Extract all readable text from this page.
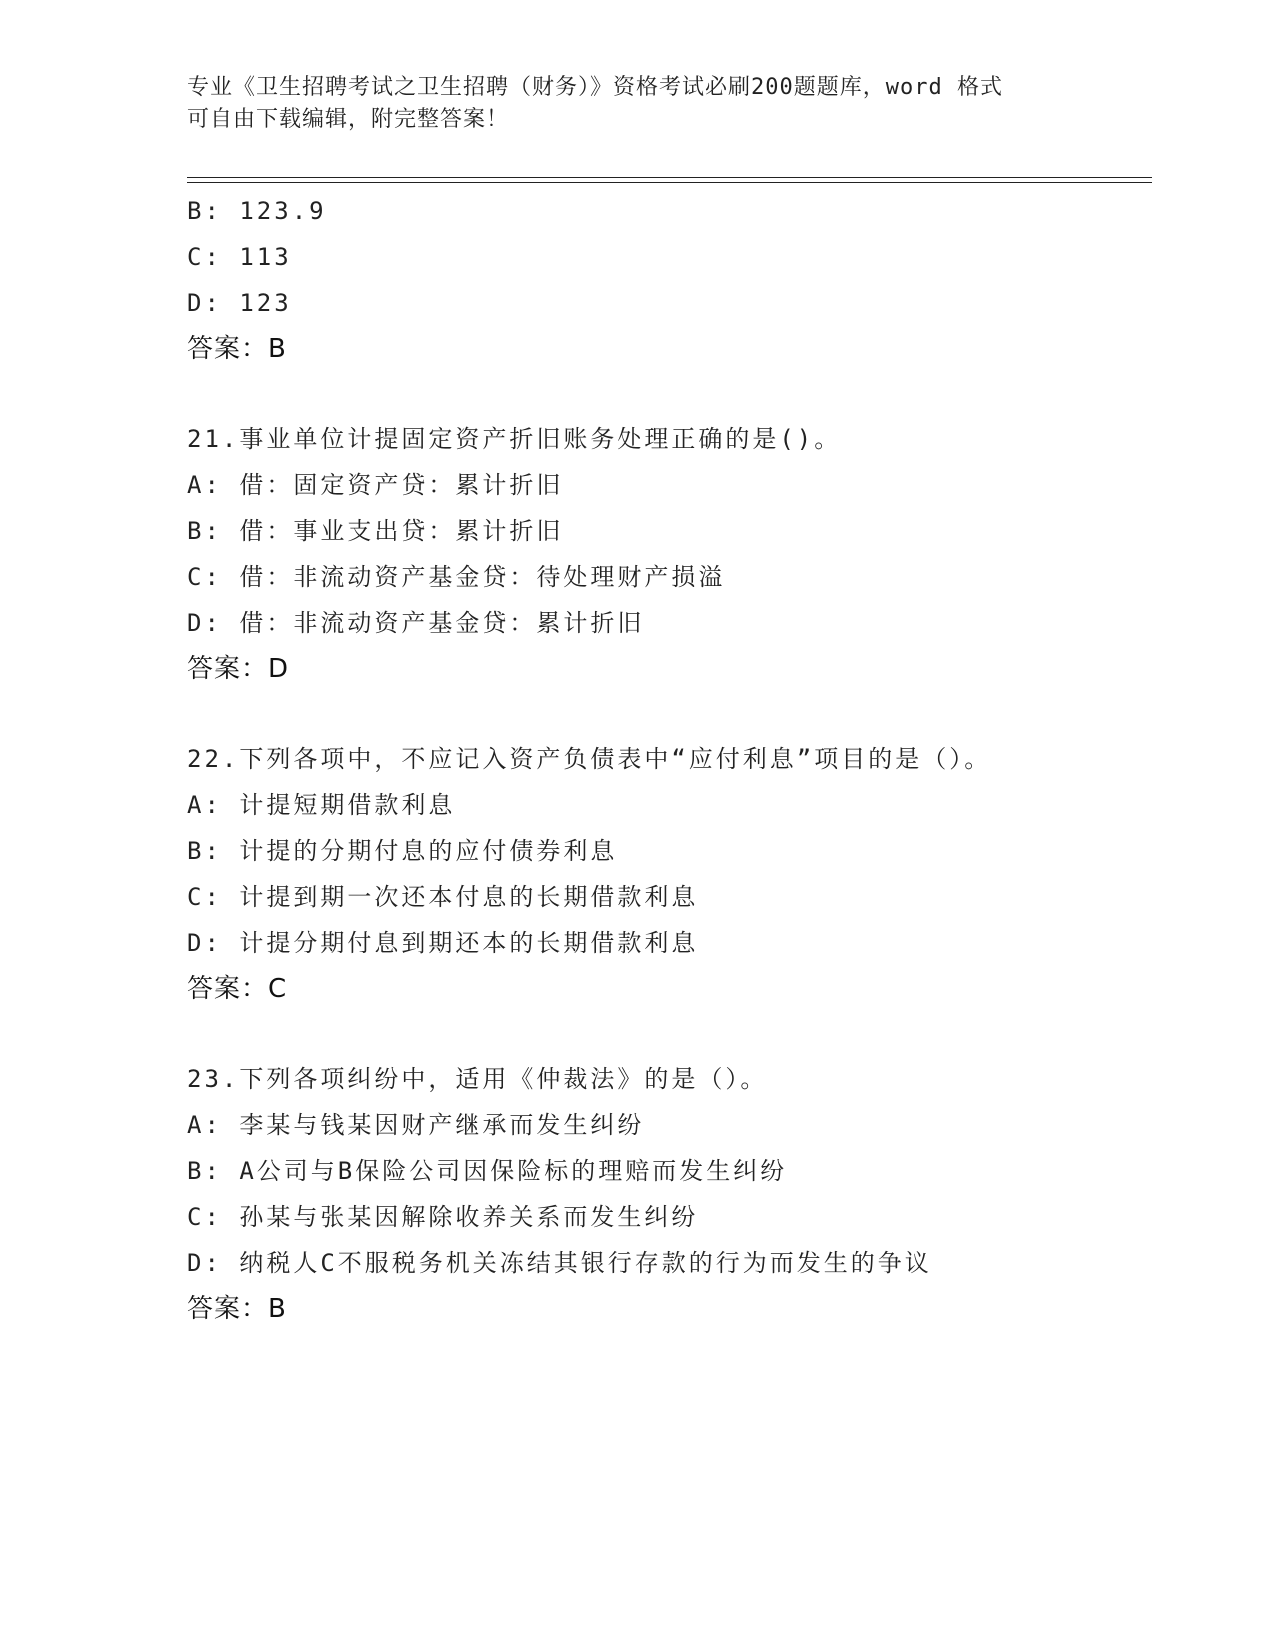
专业《卫生招聘考试之卫生招聘（财务）》资格考试必刷200题题库，word 格式
可自由下载编辑，附完整答案！
B: 123.9
C: 113
D: 123
答案：B
21.事业单位计提固定资产折旧账务处理正确的是()。
A: 借：固定资产贷：累计折旧
B: 借：事业支出贷：累计折旧
C: 借：非流动资产基金贷：待处理财产损溢
D: 借：非流动资产基金贷：累计折旧
答案：D
22.下列各项中，不应记入资产负债表中“应付利息”项目的是（）。
A: 计提短期借款利息
B: 计提的分期付息的应付债券利息
C: 计提到期一次还本付息的长期借款利息
D: 计提分期付息到期还本的长期借款利息
答案：C
23.下列各项纠纷中，适用《仲裁法》的是（）。
A: 李某与钱某因财产继承而发生纠纷
B: A公司与B保险公司因保险标的理赔而发生纠纷
C: 孙某与张某因解除收养关系而发生纠纷
D: 纳税人C不服税务机关冻结其银行存款的行为而发生的争议
答案：B
